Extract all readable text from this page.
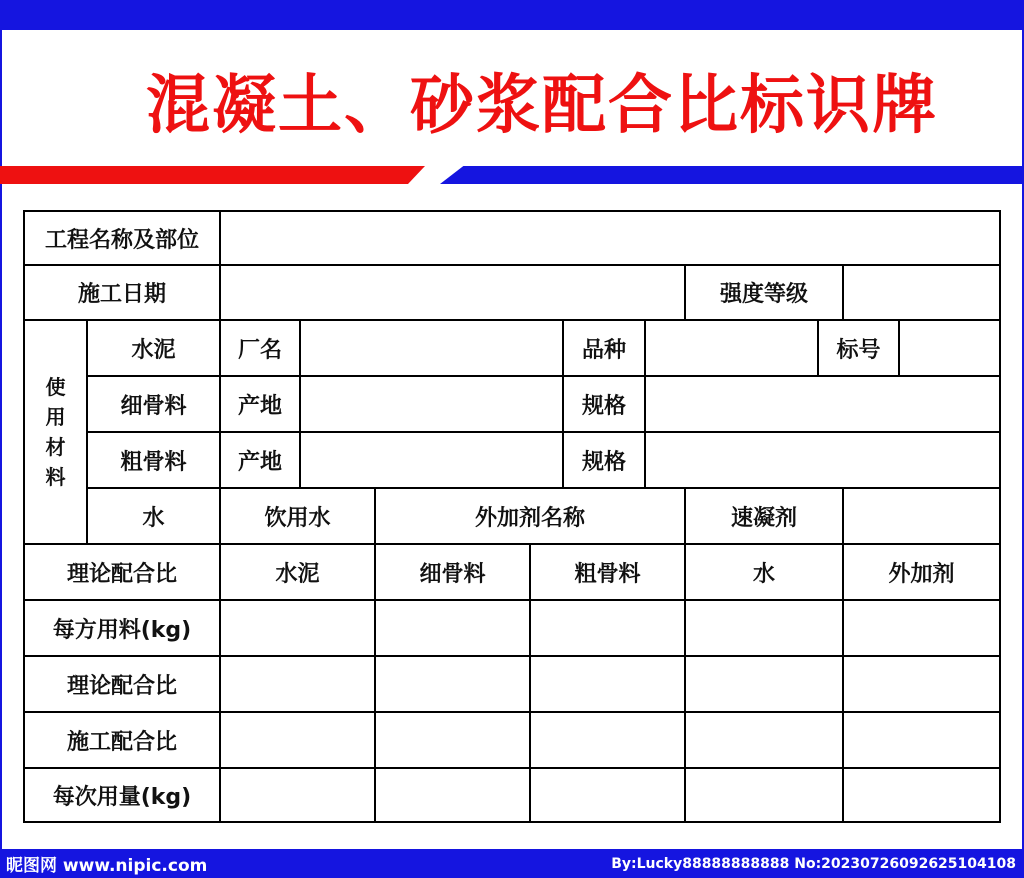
混凝土、砂浆配合比标识牌
工程名称及部位
施工日期	强度等级
使
用
材
料
水泥	厂名	品种	标号
细骨料	产地	规格
粗骨料	产地	规格
水	饮用水	外加剂名称	速凝剂
理论配合比	水泥	细骨料	粗骨料	水	外加剂
每方用料(kg)
理论配合比
施工配合比
每次用量(kg)
昵图网 www.nipic.com	By:Lucky88888888888 No:20230726092625104108
